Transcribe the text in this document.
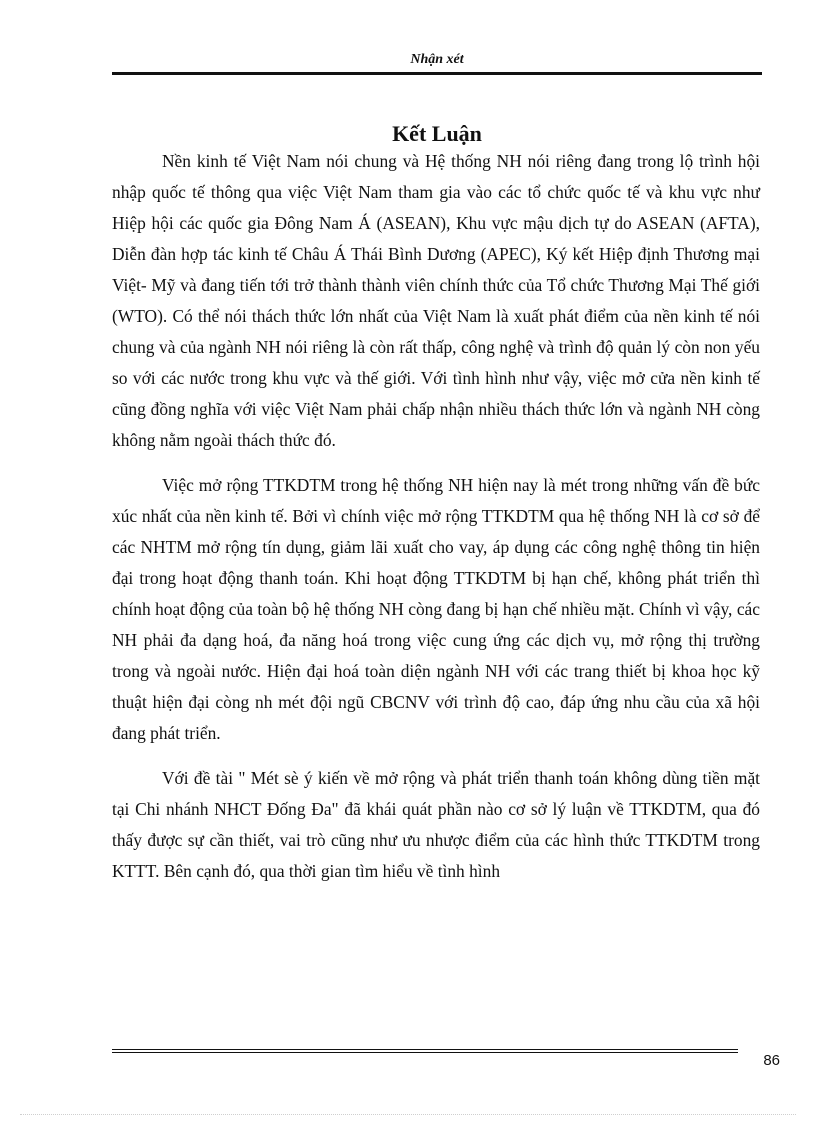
Nhận xét
Kết Luận

Nền kinh tế Việt Nam nói chung và Hệ thống NH nói riêng đang trong lộ trình hội nhập quốc tế thông qua việc Việt Nam tham gia vào các tổ chức quốc tế và khu vực như Hiệp hội các quốc gia Đông Nam Á (ASEAN), Khu vực mậu dịch tự do ASEAN (AFTA), Diễn đàn hợp tác kinh tế Châu Á Thái Bình Dương (APEC), Ký kết Hiệp định Thương mại Việt- Mỹ và đang tiến tới trở thành thành viên chính thức của Tổ chức Thương Mại Thế giới (WTO). Có thể nói thách thức lớn nhất của Việt Nam là xuất phát điểm của nền kinh tế nói chung và của ngành NH nói riêng là còn rất thấp, công nghệ và trình độ quản lý còn non yếu so với các nước trong khu vực và thế giới. Với tình hình như vậy, việc mở cửa nền kinh tế cũng đồng nghĩa với việc Việt Nam phải chấp nhận nhiều thách thức lớn và ngành NH còng không nằm ngoài thách thức đó.

Việc mở rộng TTKDTM trong hệ thống NH hiện nay là mét trong những vấn đề bức xúc nhất của nền kinh tế. Bởi vì chính việc mở rộng TTKDTM qua hệ thống NH là cơ sở để các NHTM mở rộng tín dụng, giảm lãi xuất cho vay, áp dụng các công nghệ thông tin hiện đại trong hoạt động thanh toán. Khi hoạt động TTKDTM bị hạn chế, không phát triển thì chính hoạt động của toàn bộ hệ thống NH còng đang bị hạn chế nhiều mặt. Chính vì vậy, các NH phải đa dạng hoá, đa năng hoá trong việc cung ứng các dịch vụ, mở rộng thị trường trong và ngoài nước. Hiện đại hoá toàn diện ngành NH với các trang thiết bị khoa học kỹ thuật hiện đại còng nh mét đội ngũ CBCNV với trình độ cao, đáp ứng nhu cầu của xã hội đang phát triển.

Với đề tài " Mét sè ý kiến về mở rộng và phát triển thanh toán không dùng tiền mặt tại Chi nhánh NHCT Đống Đa" đã khái quát phần nào cơ sở lý luận về TTKDTM, qua đó thấy được sự cần thiết, vai trò cũng như ưu nhược điểm của các hình thức TTKDTM trong KTTT. Bên cạnh đó, qua thời gian tìm hiểu về tình hình

86
